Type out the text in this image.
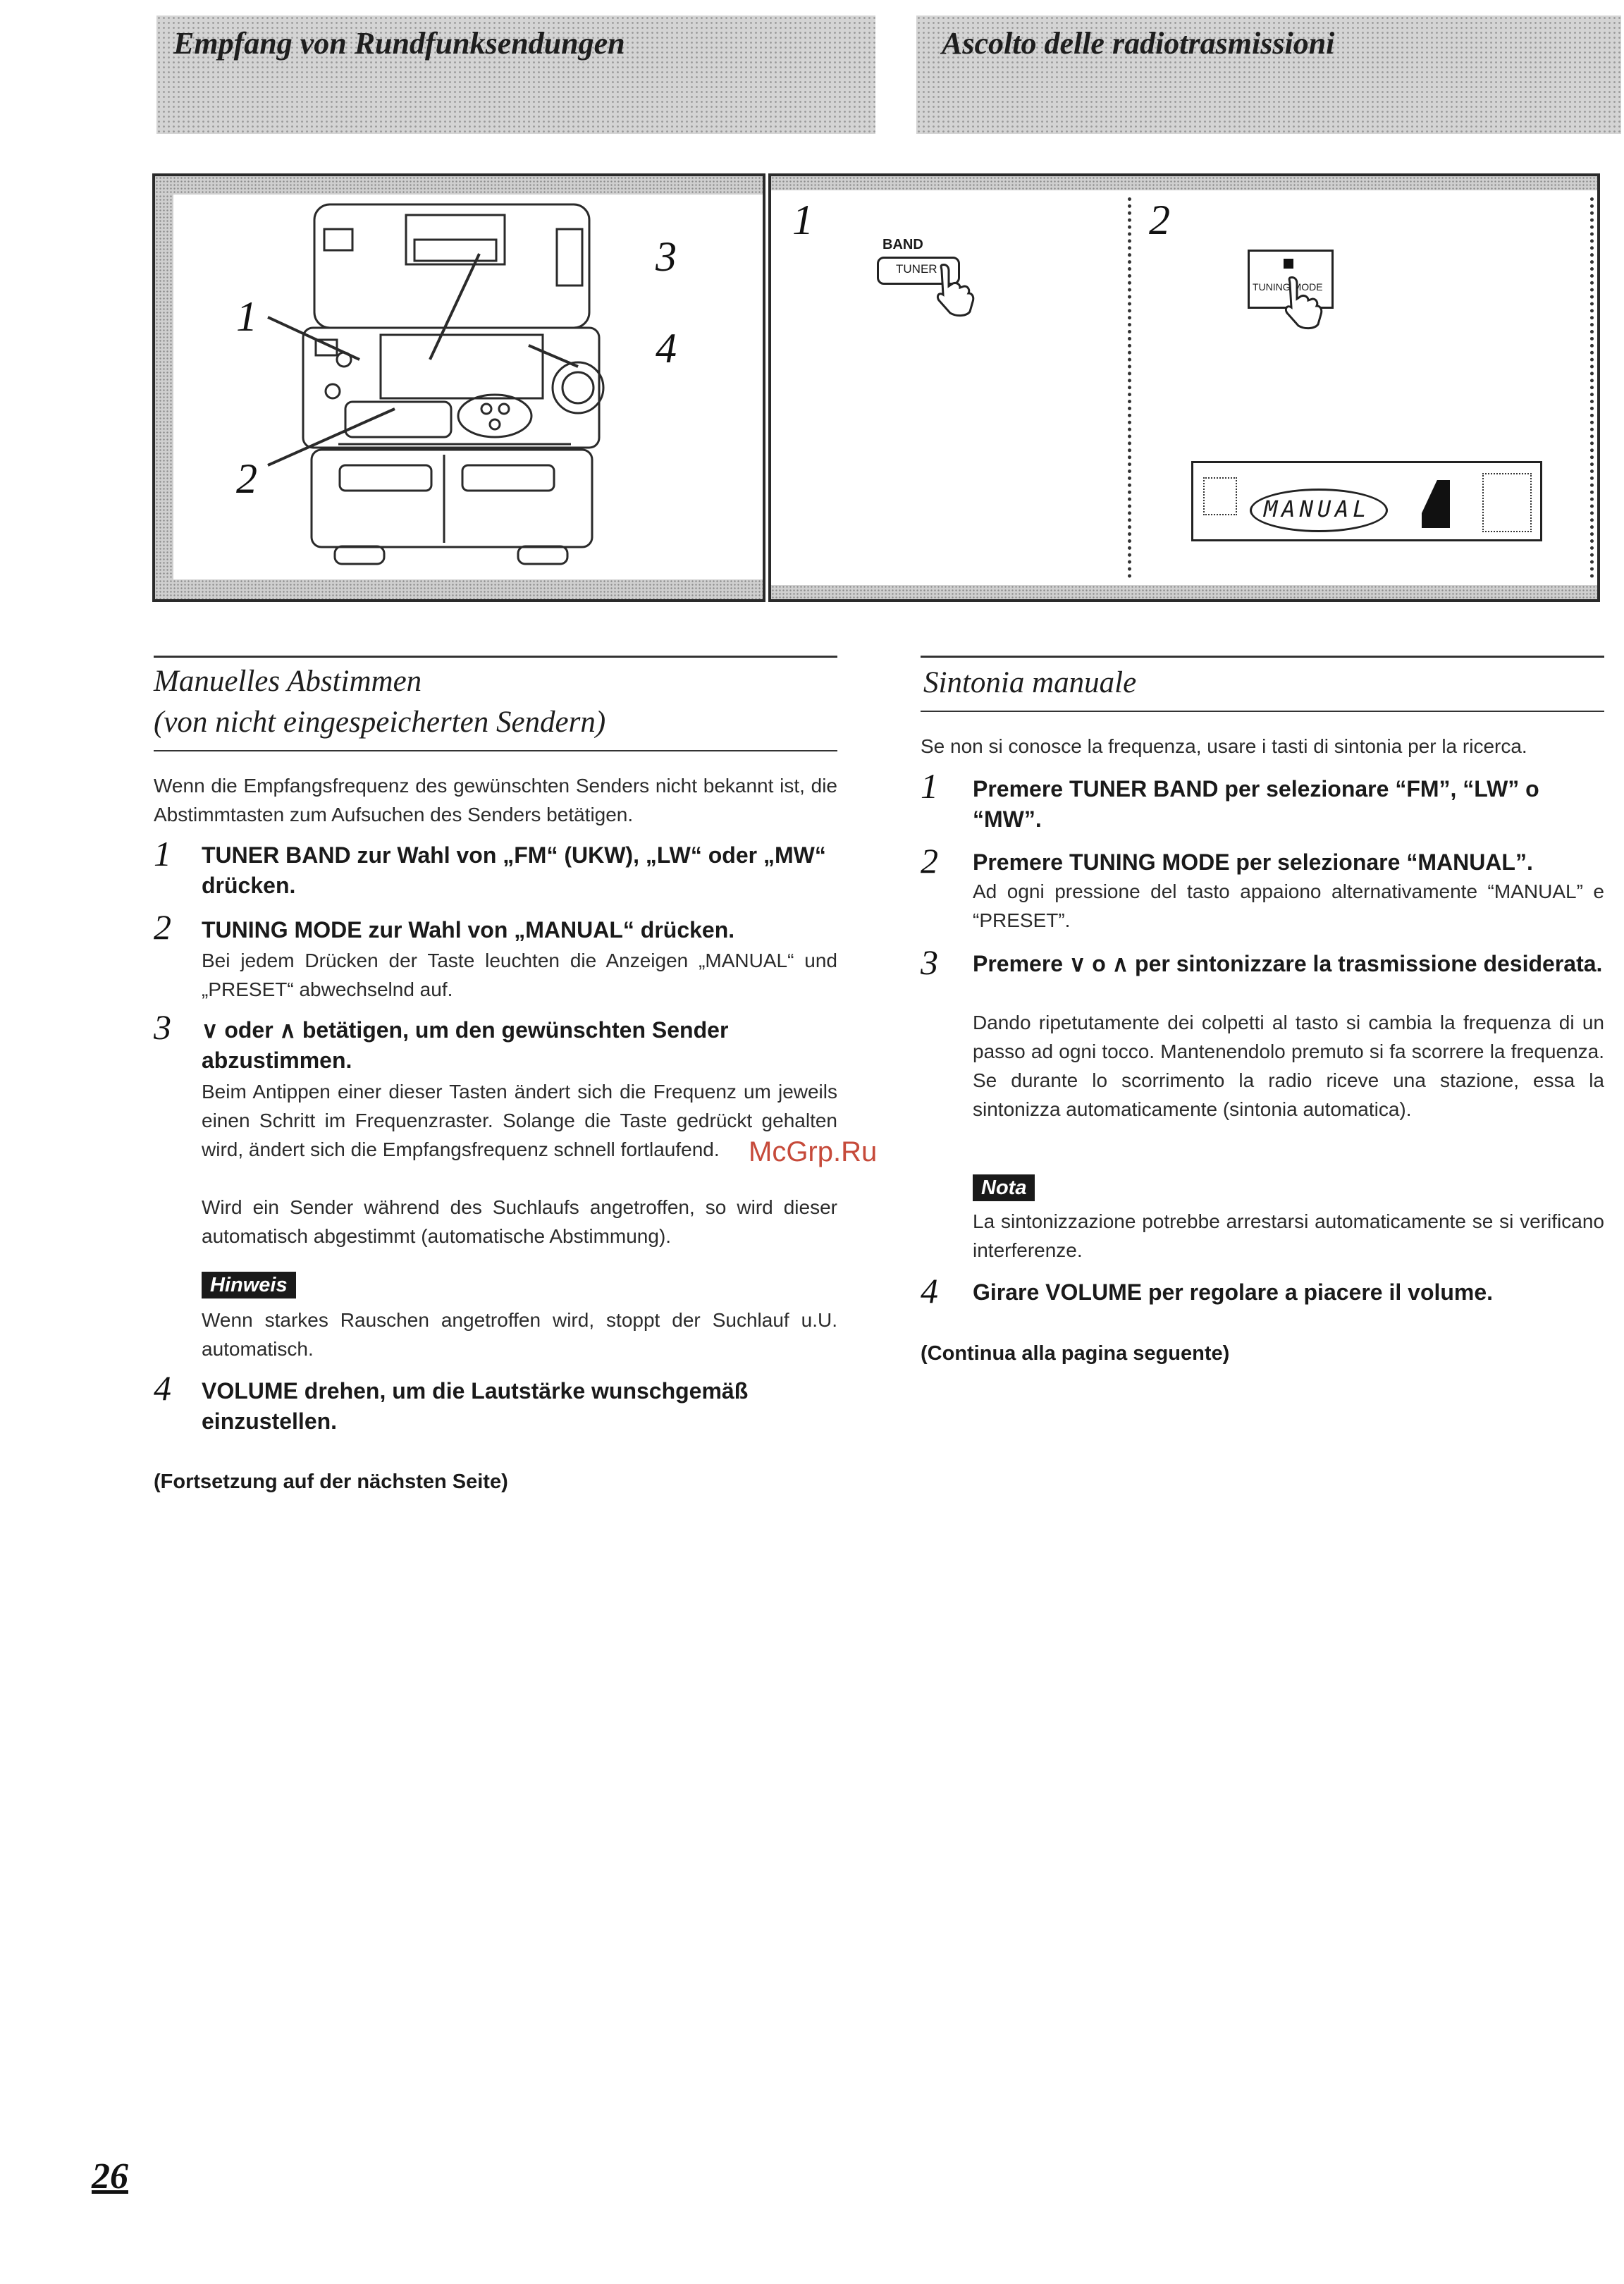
Empfang von Rundfunksendungen	Ascolto delle radiotrasmissioni
1
2
3
4
1
BAND
TUNER
2
TUNING MODE
MANUAL
Manuelles Abstimmen
(von nicht eingespeicherten Sendern)
Wenn die Empfangsfrequenz des gewünschten Senders nicht bekannt ist, die Abstimmtasten zum Aufsuchen des Senders betätigen.
1 TUNER BAND zur Wahl von „FM“ (UKW), „LW“ oder „MW“ drücken.
2 TUNING MODE zur Wahl von „MANUAL“ drücken.
Bei jedem Drücken der Taste leuchten die Anzeigen „MANUAL“ und „PRESET“ abwechselnd auf.
3 ∨ oder ∧ betätigen, um den gewünschten Sender abzustimmen.
Beim Antippen einer dieser Tasten ändert sich die Frequenz um jeweils einen Schritt im Frequenzraster. Solange die Taste gedrückt gehalten wird, ändert sich die Empfangsfrequenz schnell fortlaufend.
Wird ein Sender während des Suchlaufs angetroffen, so wird dieser automatisch abgestimmt (automatische Abstimmung).
Hinweis
Wenn starkes Rauschen angetroffen wird, stoppt der Suchlauf u.U. automatisch.
4 VOLUME drehen, um die Lautstärke wunschgemäß einzustellen.
(Fortsetzung auf der nächsten Seite)
Sintonia manuale
Se non si conosce la frequenza, usare i tasti di sintonia per la ricerca.
1 Premere TUNER BAND per selezionare “FM”, “LW” o “MW”.
2 Premere TUNING MODE per selezionare “MANUAL”.
Ad ogni pressione del tasto appaiono alternativamente “MANUAL” e “PRESET”.
3 Premere ∨ o ∧ per sintonizzare la trasmissione desiderata.
Dando ripetutamente dei colpetti al tasto si cambia la frequenza di un passo ad ogni tocco. Mantenendolo premuto si fa scorrere la frequenza. Se durante lo scorrimento la radio riceve una stazione, essa la sintonizza automaticamente (sintonia automatica).
Nota
La sintonizzazione potrebbe arrestarsi automaticamente se si verificano interferenze.
4 Girare VOLUME per regolare a piacere il volume.
(Continua alla pagina seguente)
McGrp.Ru
26
